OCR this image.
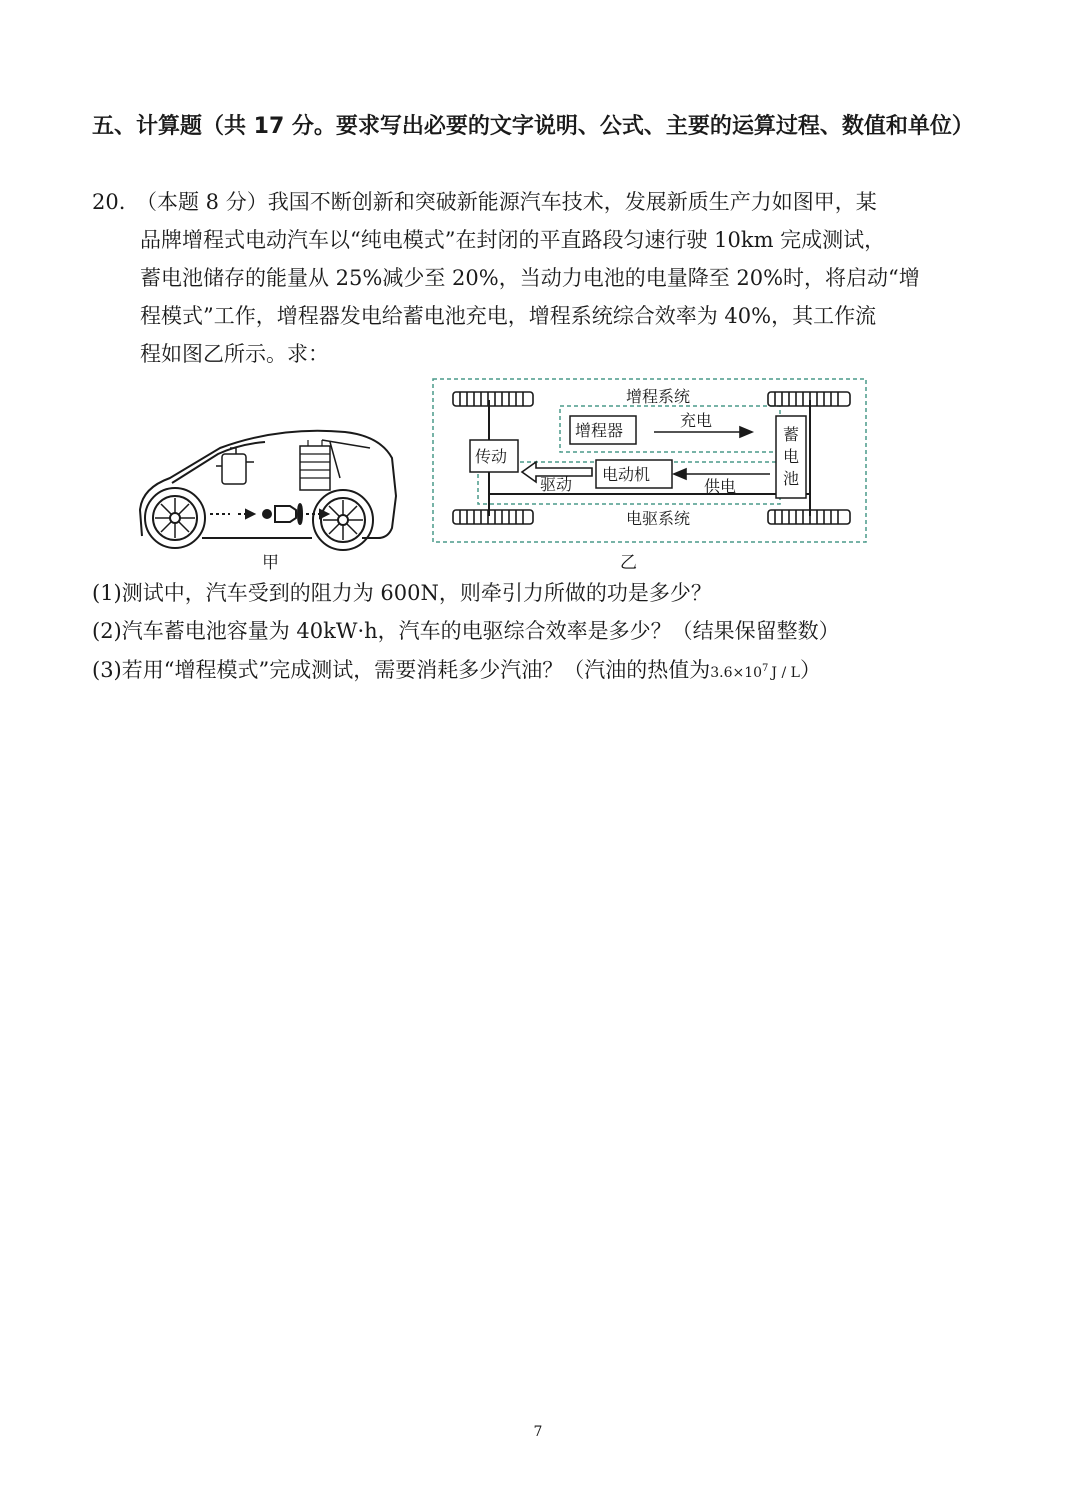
五、计算题（共 17 分。要求写出必要的文字说明、公式、主要的运算过程、数值和单位）
20. （本题 8 分）我国不断创新和突破新能源汽车技术，发展新质生产力如图甲，某
品牌增程式电动汽车以“纯电模式”在封闭的平直路段匀速行驶 10km 完成测试，
蓄电池储存的能量从 25%减少至 20%，当动力电池的电量降至 20%时，将启动“增
程模式”工作，增程器发电给蓄电池充电，增程系统综合效率为 40%，其工作流
程如图乙所示。求：
甲
增程系统
增程器
充电
传动
电动机
驱动	供电
蓄
电
池
电驱系统
乙
(1)测试中，汽车受到的阻力为 600N，则牵引力所做的功是多少？
(2)汽车蓄电池容量为 40kW·h，汽车的电驱综合效率是多少？（结果保留整数）
(3)若用“增程模式”完成测试，需要消耗多少汽油？（汽油的热值为$3.6\times 10^7$ J / L）
7
